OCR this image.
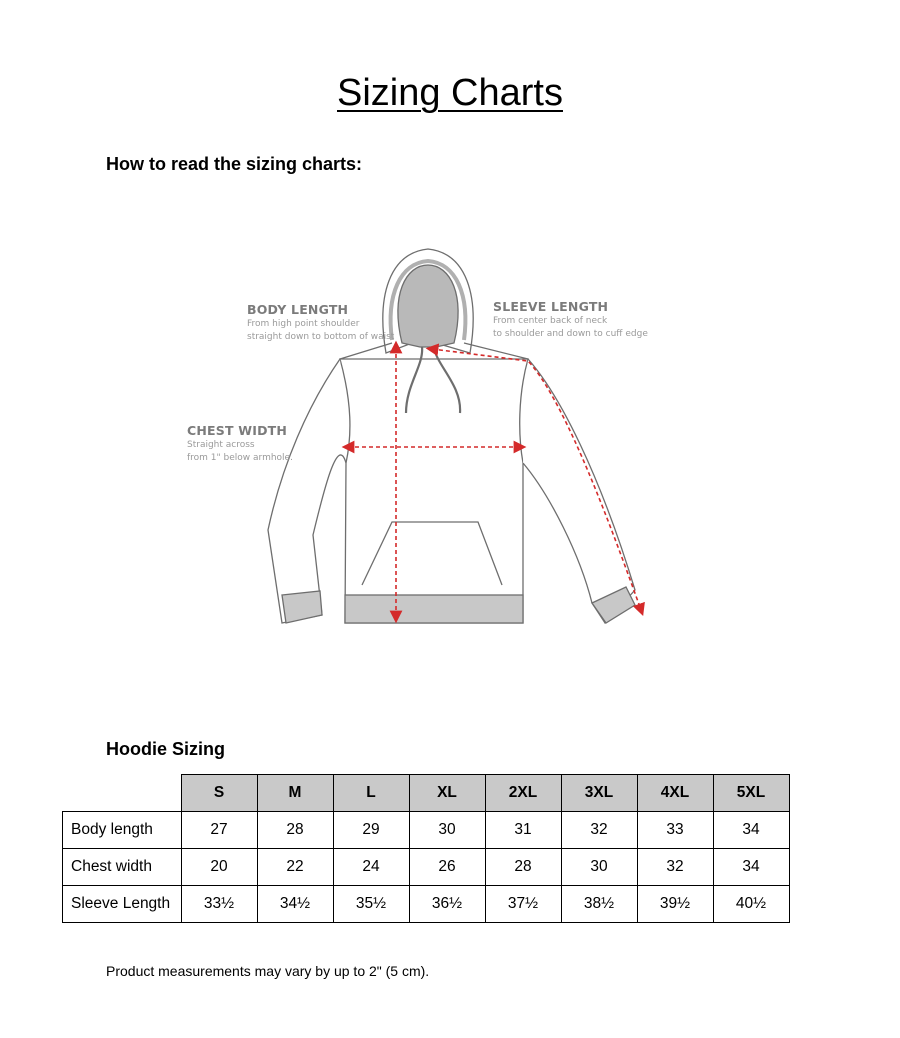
Sizing Charts
How to read the sizing charts:
BODY LENGTH
From high point shoulder
straight down to bottom of waist
SLEEVE LENGTH
From center back of neck
to shoulder and down to cuff edge
CHEST WIDTH
Straight across
from 1" below armhole.
Hoodie Sizing
	S	M	L	XL	2XL	3XL	4XL	5XL
Body length	27	28	29	30	31	32	33	34
Chest width	20	22	24	26	28	30	32	34
Sleeve Length	33½	34½	35½	36½	37½	38½	39½	40½

Product measurements may vary by up to 2" (5 cm).
